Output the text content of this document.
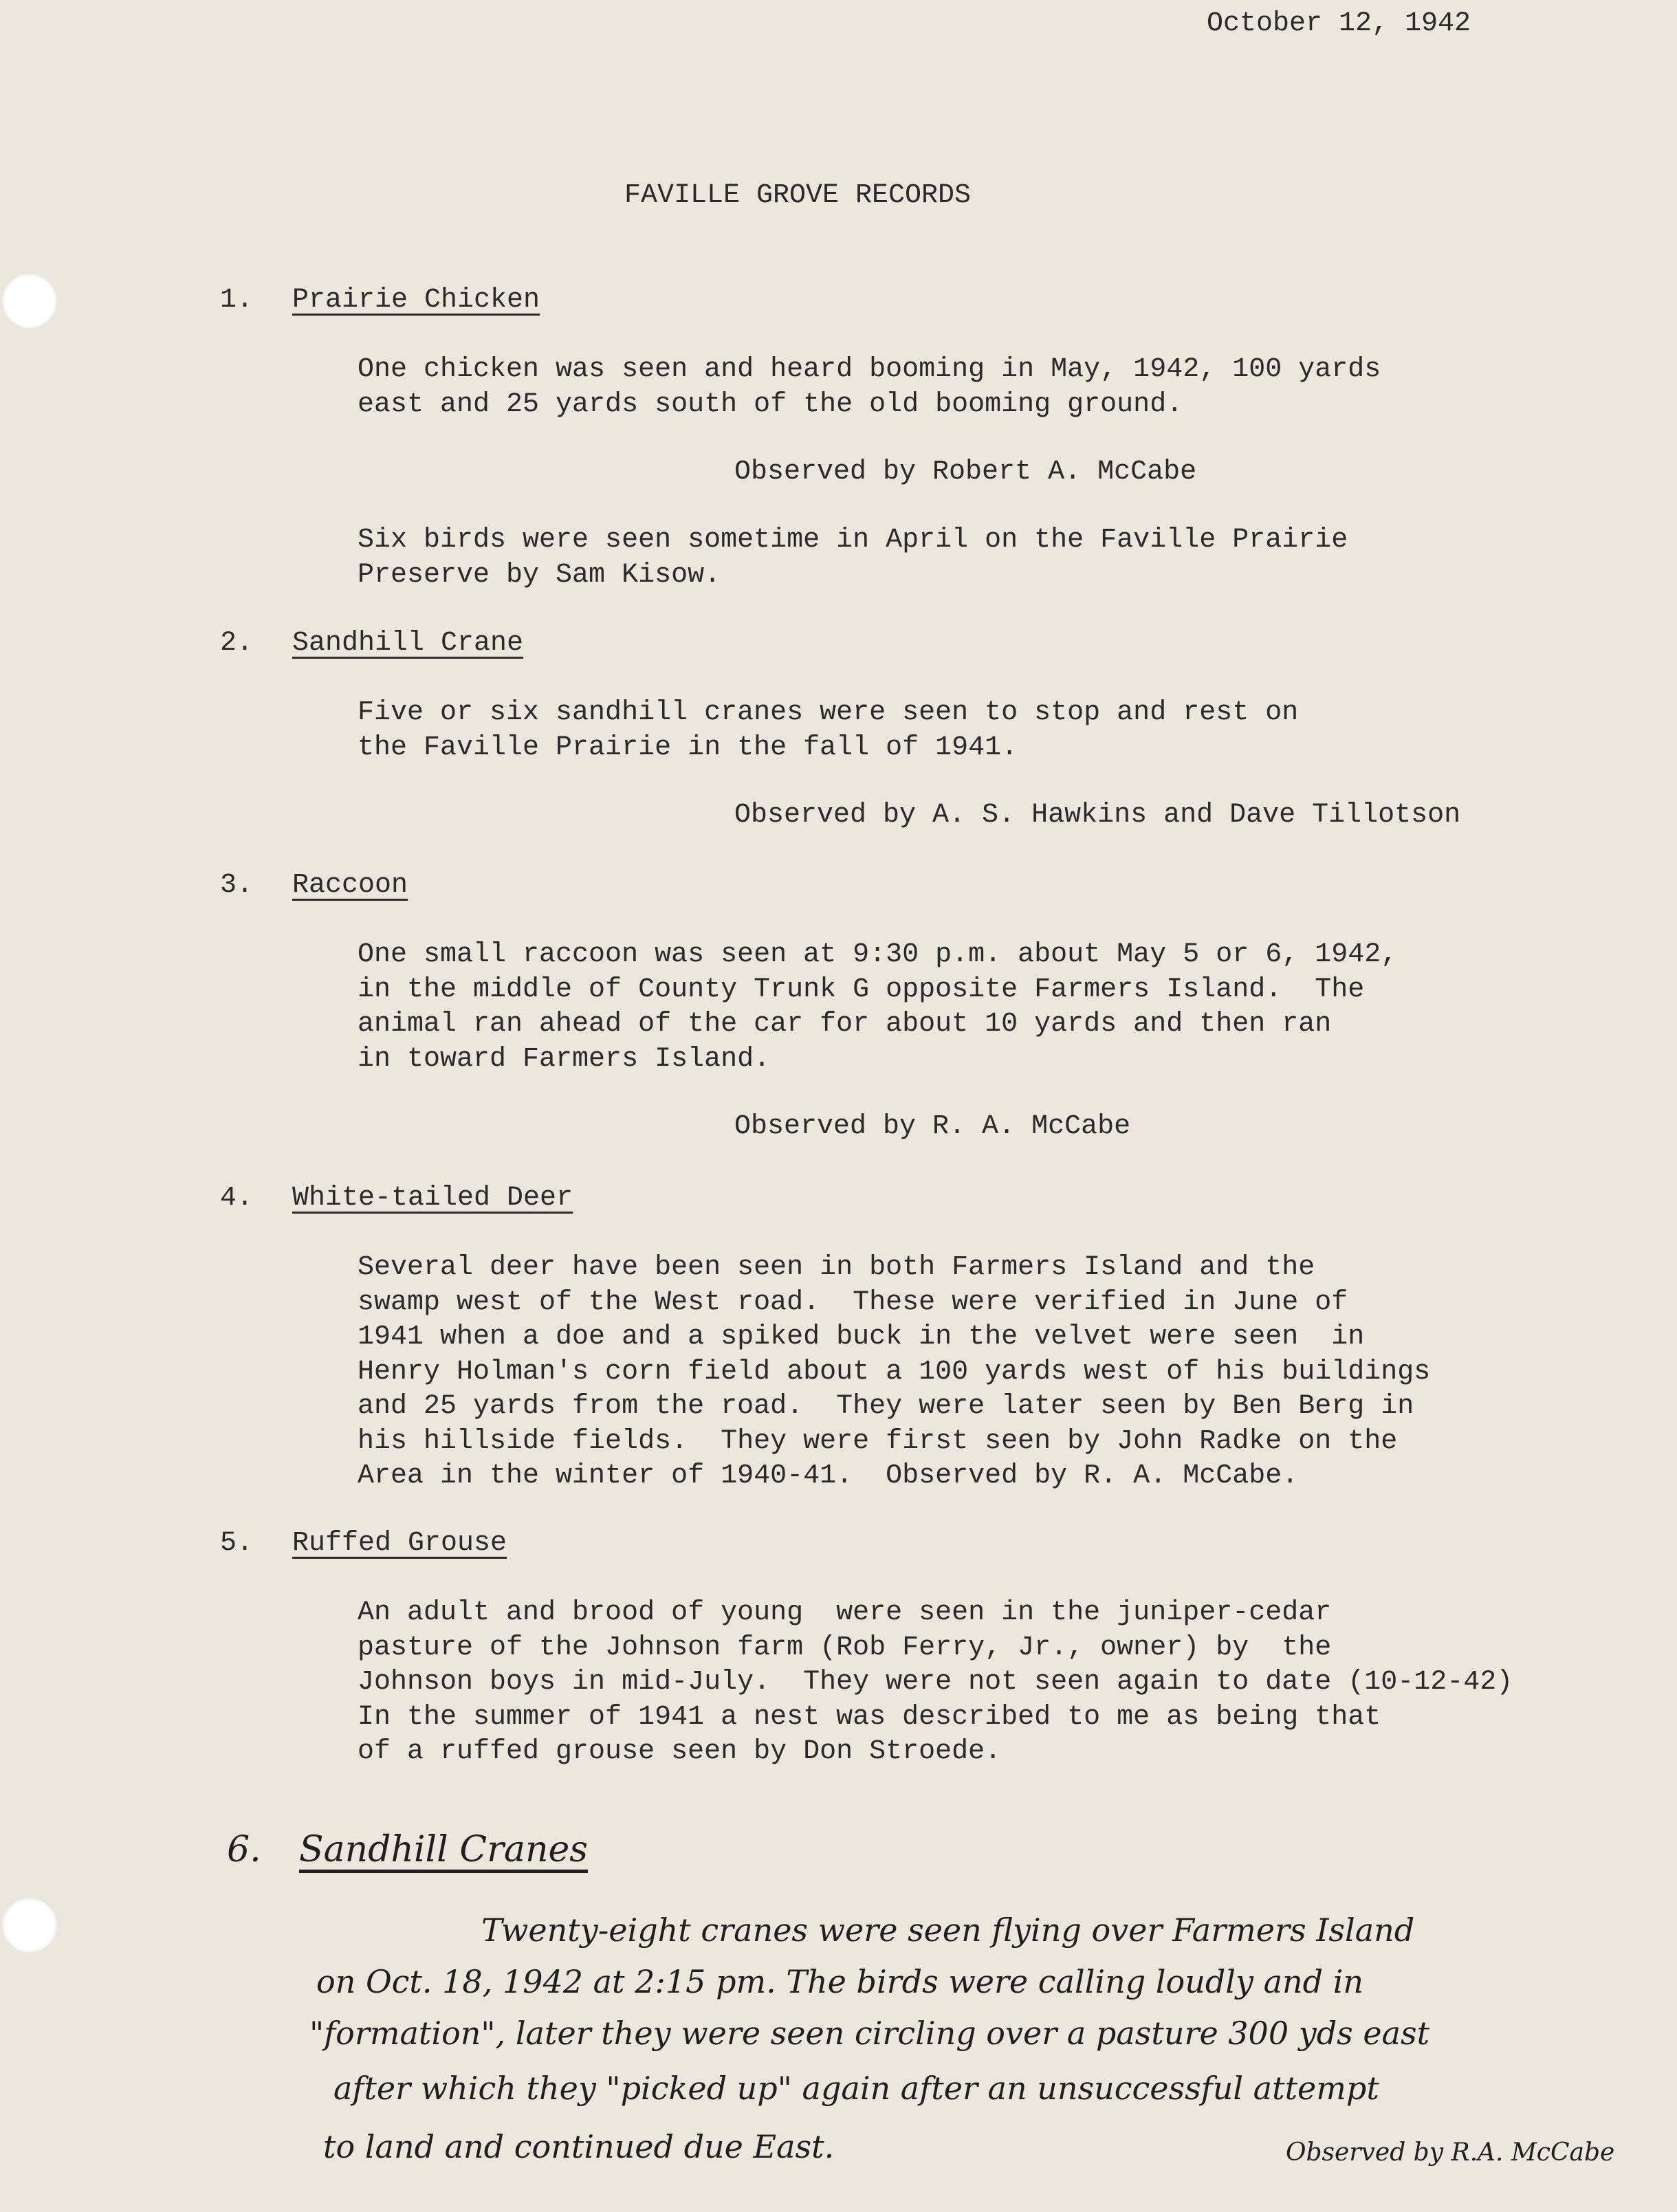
October 12, 1942
FAVILLE GROVE RECORDS
1. Prairie Chicken

One chicken was seen and heard booming in May, 1942, 100 yards
east and 25 yards south of the old booming ground.

Observed by Robert A. McCabe

Six birds were seen sometime in April on the Faville Prairie
Preserve by Sam Kisow.

2. Sandhill Crane

Five or six sandhill cranes were seen to stop and rest on
the Faville Prairie in the fall of 1941.

Observed by A. S. Hawkins and Dave Tillotson

3. Raccoon

One small raccoon was seen at 9:30 p.m. about May 5 or 6, 1942,
in the middle of County Trunk G opposite Farmers Island.  The
animal ran ahead of the car for about 10 yards and then ran
in toward Farmers Island.

Observed by R. A. McCabe

4. White-tailed Deer

Several deer have been seen in both Farmers Island and the
swamp west of the West road.  These were verified in June of
1941 when a doe and a spiked buck in the velvet were seen  in
Henry Holman's corn field about a 100 yards west of his buildings
and 25 yards from the road.  They were later seen by Ben Berg in
his hillside fields.  They were first seen by John Radke on the
Area in the winter of 1940-41.  Observed by R. A. McCabe.

5. Ruffed Grouse

An adult and brood of young  were seen in the juniper-cedar
pasture of the Johnson farm (Rob Ferry, Jr., owner) by  the
Johnson boys in mid-July.  They were not seen again to date (10-12-42)
In the summer of 1941 a nest was described to me as being that
of a ruffed grouse seen by Don Stroede.

6. Sandhill Cranes
Twenty-eight cranes were seen flying over Farmers Island
on Oct. 18, 1942 at 2:15 pm. The birds were calling loudly and in
"formation", later they were seen circling over a pasture 300 yds east
after which they "picked up" again after an unsuccessful attempt
to land and continued due East.	Observed by R.A. McCabe
